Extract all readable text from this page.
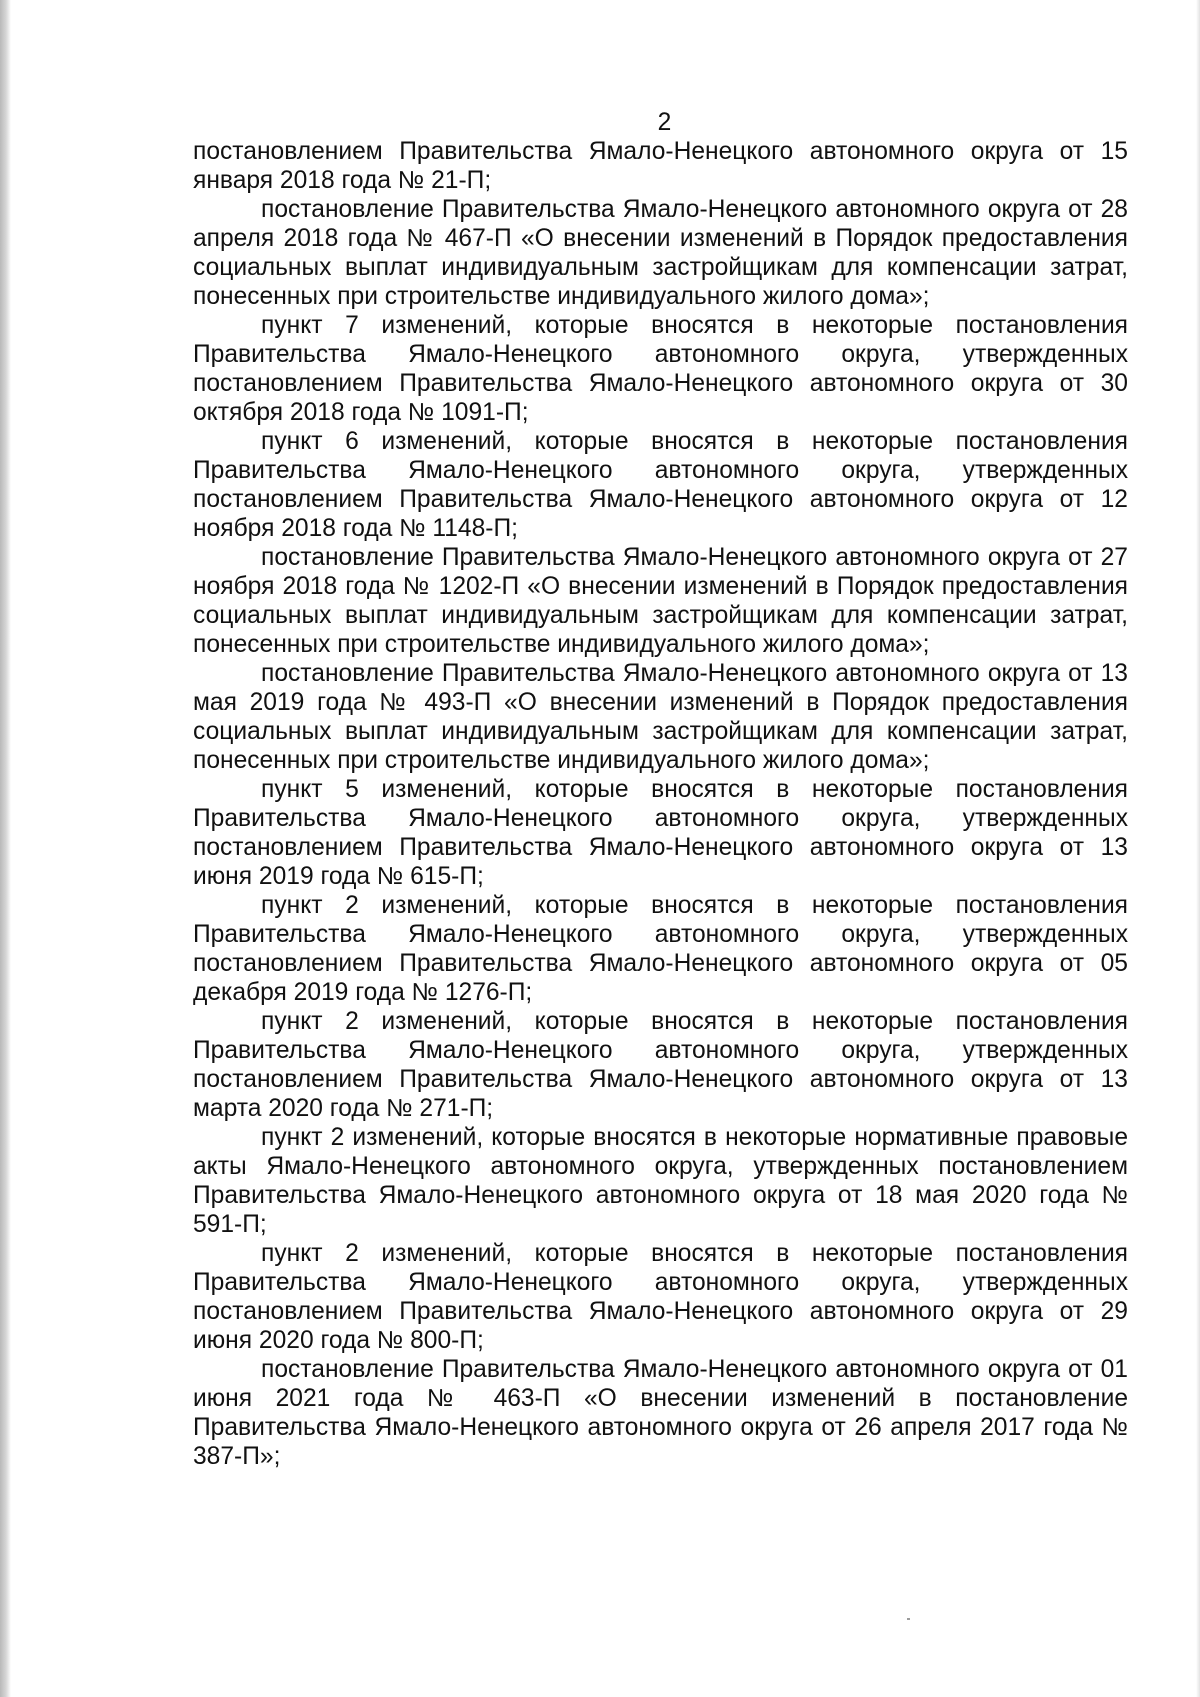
2

постановлением Правительства Ямало-Ненецкого автономного округа от 15 января 2018 года № 21-П;

постановление Правительства Ямало-Ненецкого автономного округа от 28 апреля 2018 года № 467-П «О внесении изменений в Порядок предоставления социальных выплат индивидуальным застройщикам для компенсации затрат, понесенных при строительстве индивидуального жилого дома»;

пункт 7 изменений, которые вносятся в некоторые постановления Правительства Ямало-Ненецкого автономного округа, утвержденных постановлением Правительства Ямало-Ненецкого автономного округа от 30 октября 2018 года № 1091-П;

пункт 6 изменений, которые вносятся в некоторые постановления Правительства Ямало-Ненецкого автономного округа, утвержденных постановлением Правительства Ямало-Ненецкого автономного округа от 12 ноября 2018 года № 1148-П;

постановление Правительства Ямало-Ненецкого автономного округа от 27 ноября 2018 года № 1202-П «О внесении изменений в Порядок предоставления социальных выплат индивидуальным застройщикам для компенсации затрат, понесенных при строительстве индивидуального жилого дома»;

постановление Правительства Ямало-Ненецкого автономного округа от 13 мая 2019 года № 493-П «О внесении изменений в Порядок предоставления социальных выплат индивидуальным застройщикам для компенсации затрат, понесенных при строительстве индивидуального жилого дома»;

пункт 5 изменений, которые вносятся в некоторые постановления Правительства Ямало-Ненецкого автономного округа, утвержденных постановлением Правительства Ямало-Ненецкого автономного округа от 13 июня 2019 года № 615-П;

пункт 2 изменений, которые вносятся в некоторые постановления Правительства Ямало-Ненецкого автономного округа, утвержденных постановлением Правительства Ямало-Ненецкого автономного округа от 05 декабря 2019 года № 1276-П;

пункт 2 изменений, которые вносятся в некоторые постановления Правительства Ямало-Ненецкого автономного округа, утвержденных постановлением Правительства Ямало-Ненецкого автономного округа от 13 марта 2020 года № 271-П;

пункт 2 изменений, которые вносятся в некоторые нормативные правовые акты Ямало-Ненецкого автономного округа, утвержденных постановлением Правительства Ямало-Ненецкого автономного округа от 18 мая 2020 года № 591-П;

пункт 2 изменений, которые вносятся в некоторые постановления Правительства Ямало-Ненецкого автономного округа, утвержденных постановлением Правительства Ямало-Ненецкого автономного округа от 29 июня 2020 года № 800-П;

постановление Правительства Ямало-Ненецкого автономного округа от 01 июня 2021 года № 463-П «О внесении изменений в постановление Правительства Ямало-Ненецкого автономного округа от 26 апреля 2017 года № 387-П»;
